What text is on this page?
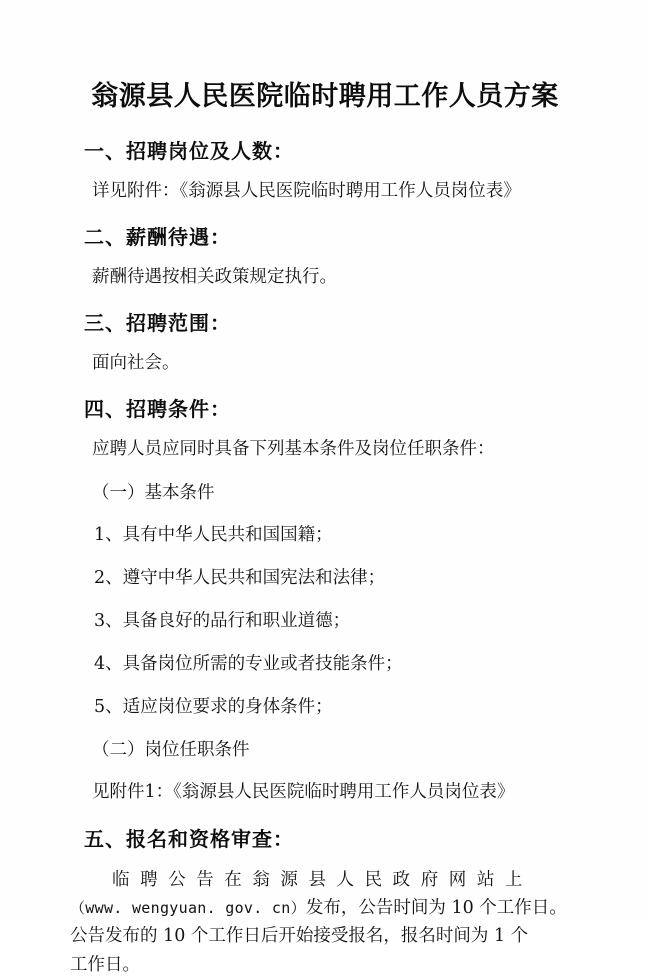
翁源县人民医院临时聘用工作人员方案
一、招聘岗位及人数：

详见附件：《翁源县人民医院临时聘用工作人员岗位表》

二、薪酬待遇：

薪酬待遇按相关政策规定执行。

三、招聘范围：

面向社会。

四、招聘条件：

应聘人员应同时具备下列基本条件及岗位任职条件：

（一）基本条件

1、具有中华人民共和国国籍；

2、遵守中华人民共和国宪法和法律；

3、具备良好的品行和职业道德；

4、具备岗位所需的专业或者技能条件；

5、适应岗位要求的身体条件；

（二）岗位任职条件

见附件1：《翁源县人民医院临时聘用工作人员岗位表》

五、报名和资格审查：

临 聘 公 告 在 翁 源 县 人 民 政 府 网 站 上
（www. wengyuan. gov. cn）发布，公告时间为 10 个工作日。
公告发布的 10 个工作日后开始接受报名，报名时间为 1 个
工作日。
